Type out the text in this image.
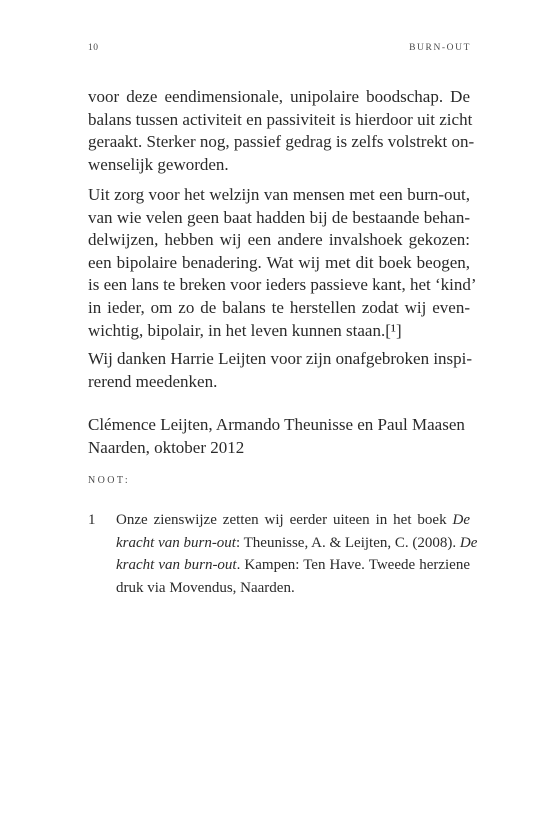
10	BURN-OUT

voor deze eendimensionale, unipolaire boodschap. De
balans tussen activiteit en passiviteit is hierdoor uit zicht
geraakt. Sterker nog, passief gedrag is zelfs volstrekt on-
wenselijk geworden.

Uit zorg voor het welzijn van mensen met een burn-out,
van wie velen geen baat hadden bij de bestaande behan-
delwijzen, hebben wij een andere invalshoek gekozen:
een bipolaire benadering. Wat wij met dit boek beogen,
is een lans te breken voor ieders passieve kant, het ‘kind’
in ieder, om zo de balans te herstellen zodat wij even-
wichtig, bipolair, in het leven kunnen staan.[¹]

Wij danken Harrie Leijten voor zijn onafgebroken inspi-
rerend meedenken.

Clémence Leijten, Armando Theunisse en Paul Maasen
Naarden, oktober 2012

NOOT:
1 Onze zienswijze zetten wij eerder uiteen in het boek De
kracht van burn-out: Theunisse, A. & Leijten, C. (2008). De
kracht van burn-out. Kampen: Ten Have. Tweede herziene
druk via Movendus, Naarden.
